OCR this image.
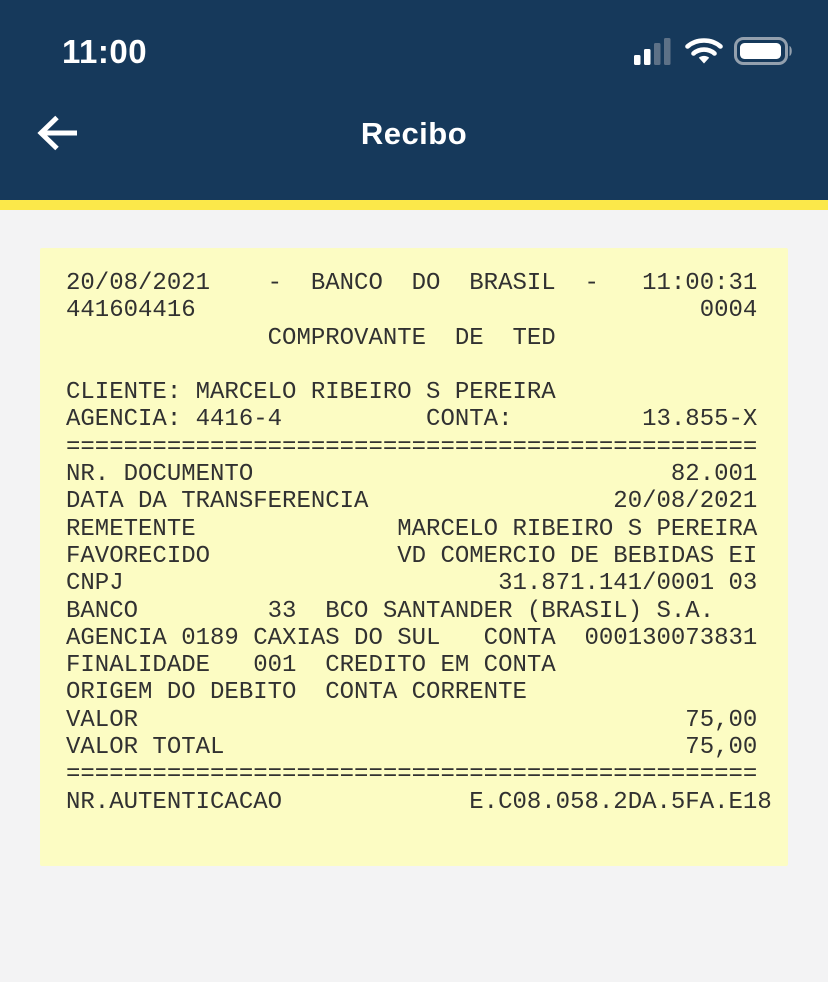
11:00
Recibo
20/08/2021    -  BANCO  DO  BRASIL  -   11:00:31
441604416                                   0004
COMPROVANTE  DE  TED
CLIENTE: MARCELO RIBEIRO S PEREIRA
AGENCIA: 4416-4          CONTA:         13.855-X
================================================
NR. DOCUMENTO                             82.001
DATA DA TRANSFERENCIA                 20/08/2021
REMETENTE              MARCELO RIBEIRO S PEREIRA
FAVORECIDO             VD COMERCIO DE BEBIDAS EI
CNPJ                          31.871.141/0001 03
BANCO         33  BCO SANTANDER (BRASIL) S.A.
AGENCIA 0189 CAXIAS DO SUL   CONTA  000130073831
FINALIDADE   001  CREDITO EM CONTA
ORIGEM DO DEBITO  CONTA CORRENTE
VALOR                                      75,00
VALOR TOTAL                                75,00
================================================
NR.AUTENTICACAO             E.C08.058.2DA.5FA.E18
